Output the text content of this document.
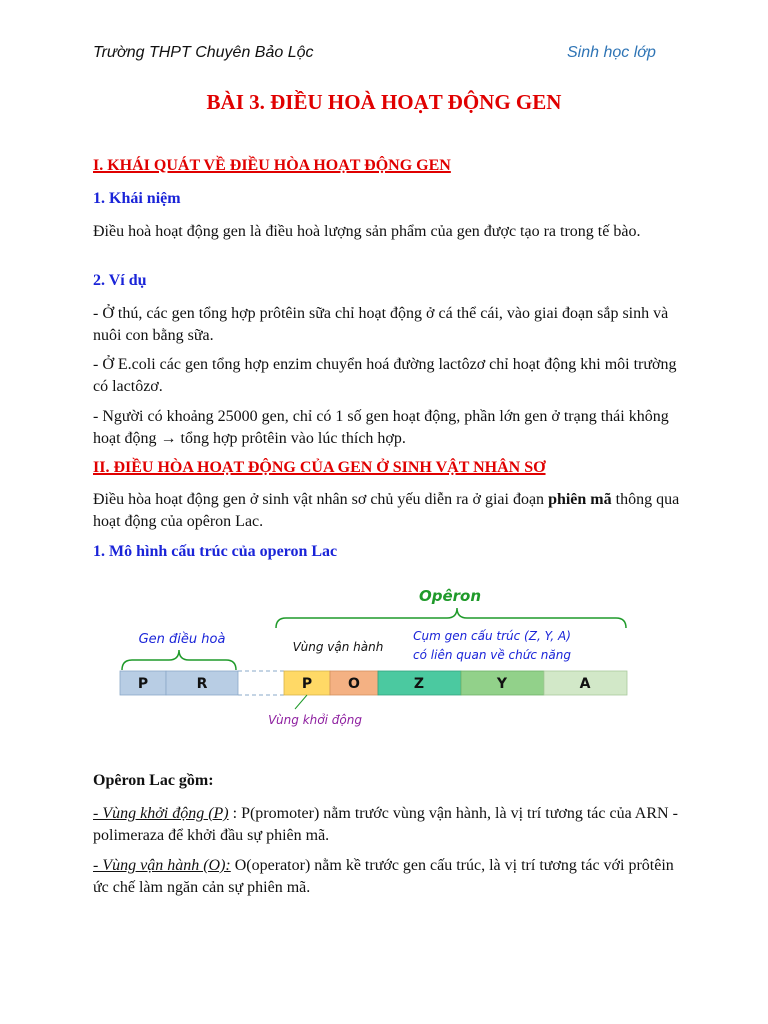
Trường THPT Chuyên Bảo Lộc	Sinh học lớp
BÀI 3. ĐIỀU HOÀ HOẠT ĐỘNG GEN
I. KHÁI QUÁT VỀ ĐIỀU HÒA HOẠT ĐỘNG GEN
1. Khái niệm
Điều hoà hoạt động gen là điều hoà lượng sản phẩm của gen được tạo ra trong tế bào.
2. Ví dụ
- Ở thú, các gen tổng hợp prôtêin sữa chỉ hoạt động ở cá thể cái, vào giai đoạn sắp sinh và nuôi con bằng sữa.
- Ở E.coli các gen tổng hợp enzim chuyển hoá đường lactôzơ chỉ hoạt động khi môi trường có lactôzơ.
- Người có khoảng 25000 gen, chỉ có 1 số gen hoạt động, phần lớn gen ở trạng thái không hoạt động → tổng hợp prôtêin vào lúc thích hợp.
II. ĐIỀU HÒA HOẠT ĐỘNG CỦA GEN Ở SINH VẬT NHÂN SƠ
Điều hòa hoạt động gen ở sinh vật nhân sơ chủ yếu diễn ra ở giai đoạn phiên mã thông qua hoạt động của opêron Lac.
1. Mô hình cấu trúc của operon Lac
Opêron
Gen điều hoà	Vùng vận hành
Cụm gen cấu trúc (Z, Y, A)
có liên quan về chức năng
P	R	P	O	Z	Y	A
Vùng khởi động
Opêron Lac gồm:
- Vùng khởi động (P) : P(promoter) nằm trước vùng vận hành, là vị trí tương tác của ARN - polimeraza để khởi đầu sự phiên mã.
- Vùng vận hành (O): O(operator) nằm kề trước gen cấu trúc, là vị trí tương tác với prôtêin ức chế làm ngăn cản sự phiên mã.
